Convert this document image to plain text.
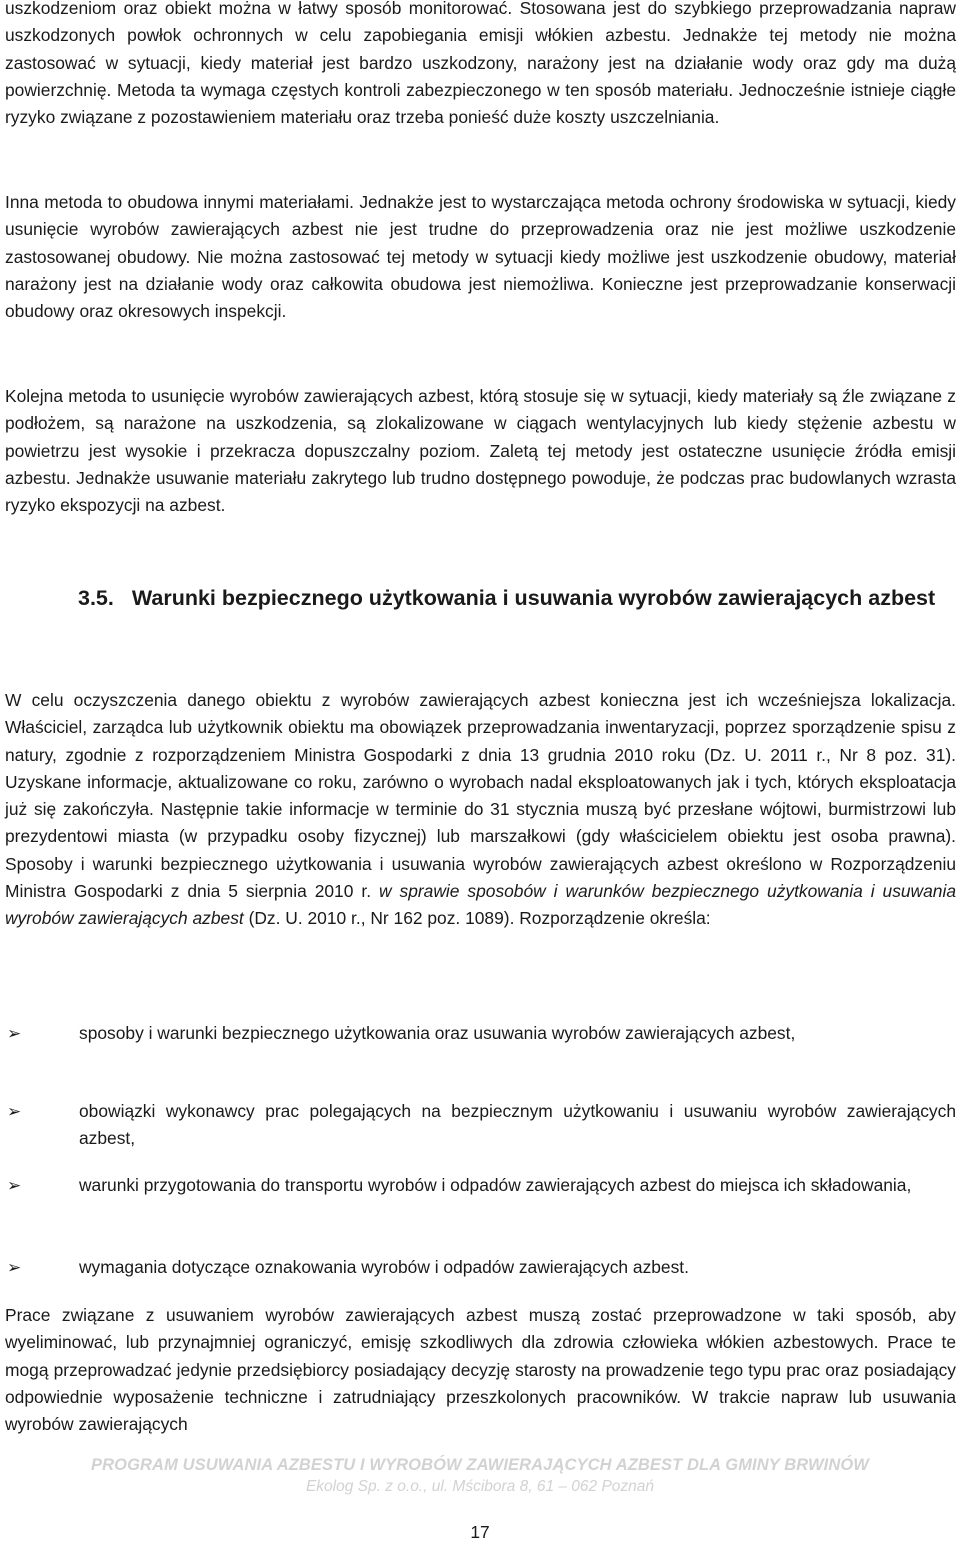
uszkodzeniom oraz obiekt można w łatwy sposób monitorować. Stosowana jest do szybkiego przeprowadzania napraw uszkodzonych powłok ochronnych w celu zapobiegania emisji włókien azbestu. Jednakże tej metody nie można zastosować w sytuacji, kiedy materiał jest bardzo uszkodzony, narażony jest na działanie wody oraz gdy ma dużą powierzchnię. Metoda ta wymaga częstych kontroli zabezpieczonego w ten sposób materiału. Jednocześnie istnieje ciągłe ryzyko związane z pozostawieniem materiału oraz trzeba ponieść duże koszty uszczelniania.

Inna metoda to obudowa innymi materiałami. Jednakże jest to wystarczająca metoda ochrony środowiska w sytuacji, kiedy usunięcie wyrobów zawierających azbest nie jest trudne do przeprowadzenia oraz nie jest możliwe uszkodzenie zastosowanej obudowy. Nie można zastosować tej metody w sytuacji kiedy możliwe jest uszkodzenie obudowy, materiał narażony jest na działanie wody oraz całkowita obudowa jest niemożliwa. Konieczne jest przeprowadzanie konserwacji obudowy oraz okresowych inspekcji.

Kolejna metoda to usunięcie wyrobów zawierających azbest, którą stosuje się w sytuacji, kiedy materiały są źle związane z podłożem, są narażone na uszkodzenia, są zlokalizowane w ciągach wentylacyjnych lub kiedy stężenie azbestu w powietrzu jest wysokie i przekracza dopuszczalny poziom. Zaletą tej metody jest ostateczne usunięcie źródła emisji azbestu. Jednakże usuwanie materiału zakrytego lub trudno dostępnego powoduje, że podczas prac budowlanych wzrasta ryzyko ekspozycji na azbest.

3.5. Warunki bezpiecznego użytkowania i usuwania wyrobów zawierających azbest

W celu oczyszczenia danego obiektu z wyrobów zawierających azbest konieczna jest ich wcześniejsza lokalizacja. Właściciel, zarządca lub użytkownik obiektu ma obowiązek przeprowadzania inwentaryzacji, poprzez sporządzenie spisu z natury, zgodnie z rozporządzeniem Ministra Gospodarki z dnia 13 grudnia 2010 roku (Dz. U. 2011 r., Nr 8 poz. 31). Uzyskane informacje, aktualizowane co roku, zarówno o wyrobach nadal eksploatowanych jak i tych, których eksploatacja już się zakończyła. Następnie takie informacje w terminie do 31 stycznia muszą być przesłane wójtowi, burmistrzowi lub prezydentowi miasta (w przypadku osoby fizycznej) lub marszałkowi (gdy właścicielem obiektu jest osoba prawna). Sposoby i warunki bezpiecznego użytkowania i usuwania wyrobów zawierających azbest określono w Rozporządzeniu Ministra Gospodarki z dnia 5 sierpnia 2010 r. w sprawie sposobów i warunków bezpiecznego użytkowania i usuwania wyrobów zawierających azbest (Dz. U. 2010 r., Nr 162 poz. 1089). Rozporządzenie określa:

➢	sposoby i warunki bezpiecznego użytkowania oraz usuwania wyrobów zawierających azbest,
➢	obowiązki wykonawcy prac polegających na bezpiecznym użytkowaniu i usuwaniu wyrobów zawierających azbest,
➢	warunki przygotowania do transportu wyrobów i odpadów zawierających azbest do miejsca ich składowania,
➢	wymagania dotyczące oznakowania wyrobów i odpadów zawierających azbest.

Prace związane z usuwaniem wyrobów zawierających azbest muszą zostać przeprowadzone w taki sposób, aby wyeliminować, lub przynajmniej ograniczyć, emisję szkodliwych dla zdrowia człowieka włókien azbestowych. Prace te mogą przeprowadzać jedynie przedsiębiorcy posiadający decyzję starosty na prowadzenie tego typu prac oraz posiadający odpowiednie wyposażenie techniczne i zatrudniający przeszkolonych pracowników. W trakcie napraw lub usuwania wyrobów zawierających

PROGRAM USUWANIA AZBESTU I WYROBÓW ZAWIERAJĄCYCH AZBEST DLA GMINY BRWINÓW
Ekolog Sp. z o.o., ul. Mścibora 8, 61 – 062 Poznań
17
